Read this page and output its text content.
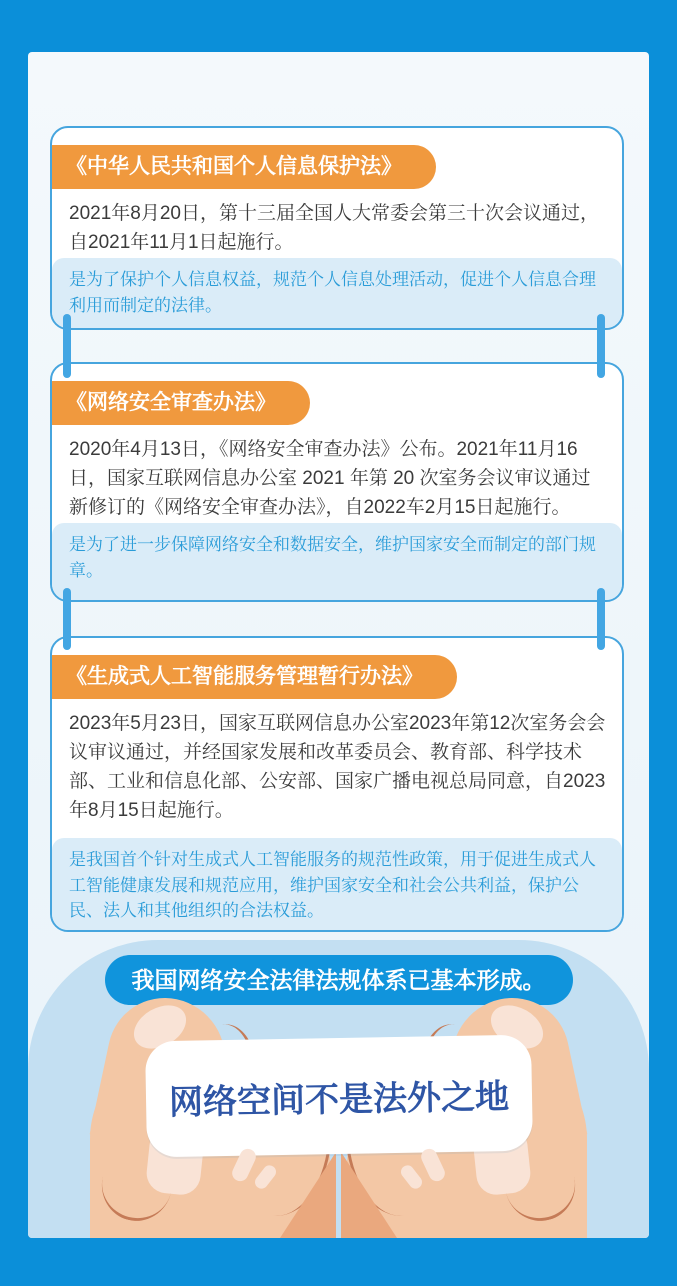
《中华人民共和国个人信息保护法》
2021年8月20日，第十三届全国人大常委会第三十次会议通过，自2021年11月1日起施行。
是为了保护个人信息权益，规范个人信息处理活动，促进个人信息合理利用而制定的法律。
《网络安全审查办法》
2020年4月13日，《网络安全审查办法》公布。2021年11月16日，国家互联网信息办公室 2021 年第 20 次室务会议审议通过新修订的《网络安全审查办法》，自2022车2月15日起施行。
是为了进一步保障网络安全和数据安全，维护国家安全而制定的部门规章。
《生成式人工智能服务管理暂行办法》
2023年5月23日，国家互联网信息办公室2023年第12次室务会会议审议通过，并经国家发展和改革委员会、教育部、科学技术部、工业和信息化部、公安部、国家广播电视总局同意，自2023年8月15日起施行。
是我国首个针对生成式人工智能服务的规范性政策，用于促进生成式人工智能健康发展和规范应用，维护国家安全和社会公共利益，保护公民、法人和其他组织的合法权益。
我国网络安全法律法规体系已基本形成。
网络空间不是法外之地
